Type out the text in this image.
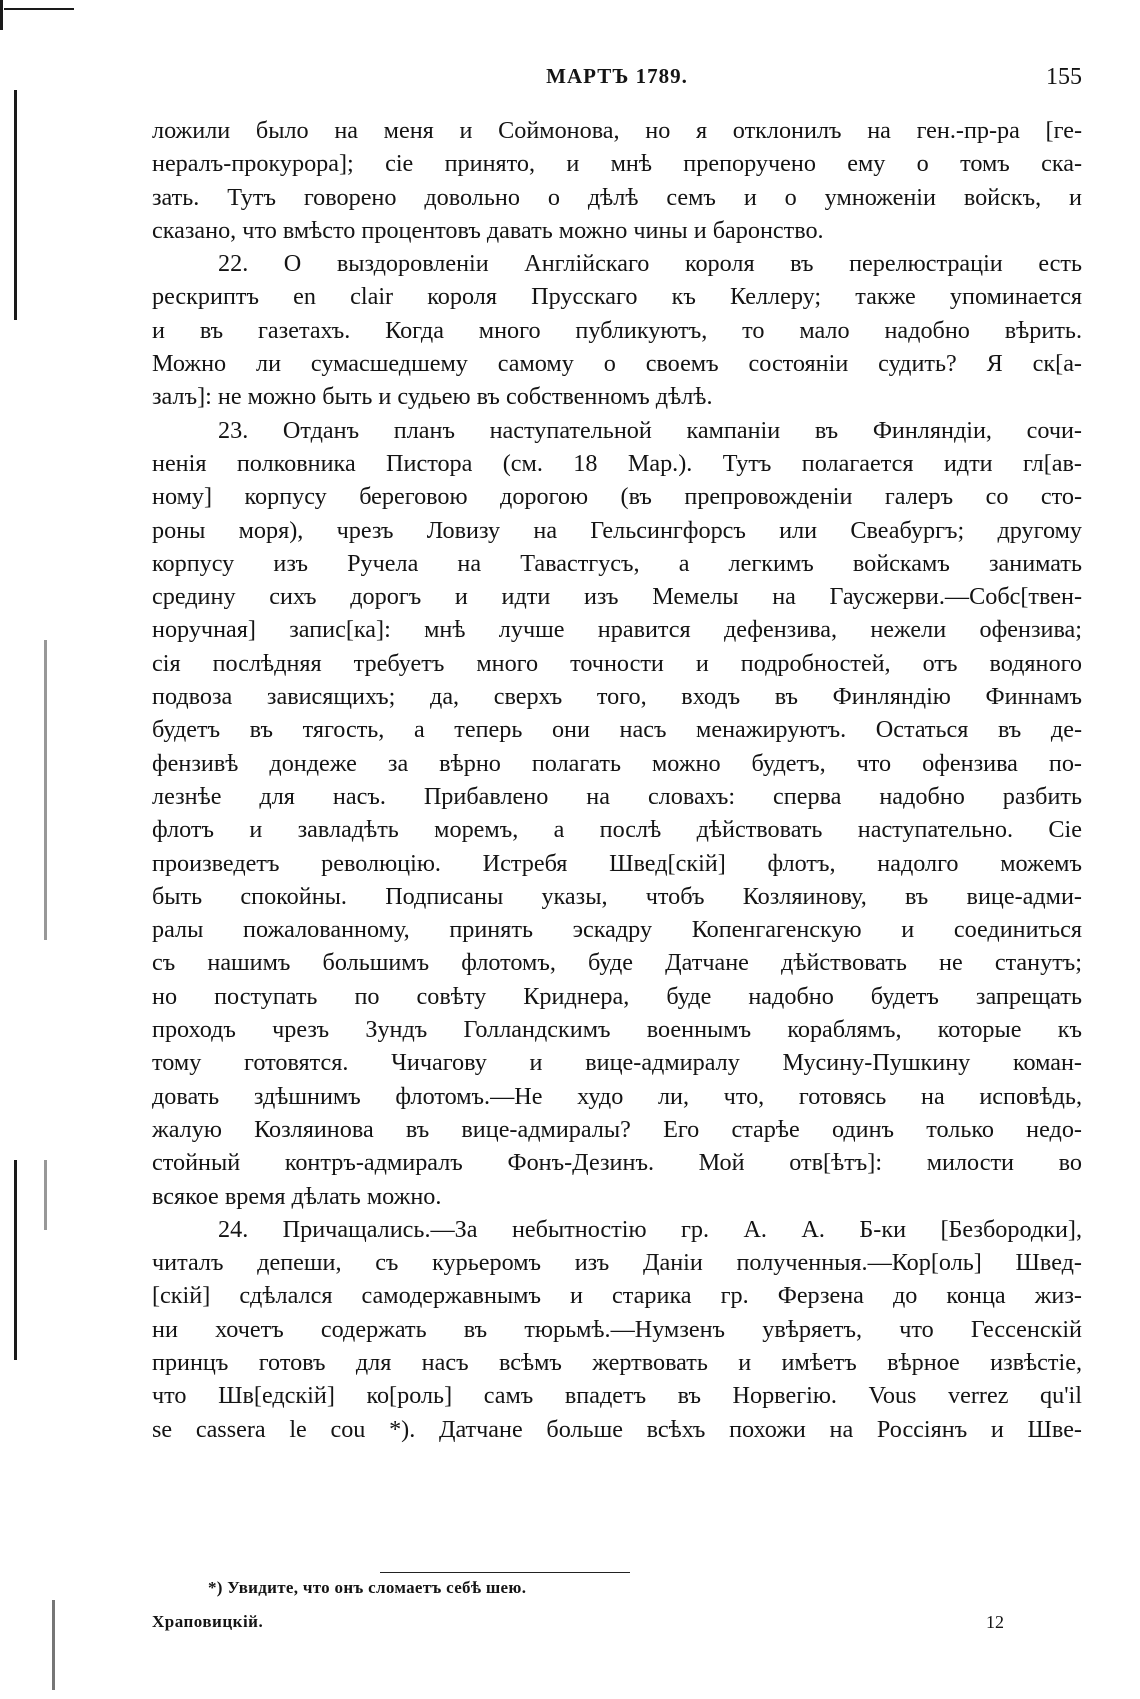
МАРТЪ 1789.	155
ложили было на меня и Соймонова, но я отклонилъ на ген.-пр-ра [ге-
нералъ-прокурора]; сіе принято, и мнѣ препоручено ему о томъ ска-
зать. Тутъ говорено довольно о дѣлѣ семъ и о умноженіи войскъ, и
сказано, что вмѣсто процентовъ давать можно чины и баронство.
22. О выздоровленіи Англійскаго короля въ перелюстраціи есть
рескриптъ en clair короля Прусскаго къ Келлеру; также упоминается
и въ газетахъ. Когда много публикуютъ, то мало надобно вѣрить.
Можно ли сумасшедшему самому о своемъ состояніи судить? Я ск[а-
залъ]: не можно быть и судьею въ собственномъ дѣлѣ.
23. Отданъ планъ наступательной кампаніи въ Финляндіи, сочи-
ненія полковника Пистора (см. 18 Мар.). Тутъ полагается идти гл[ав-
ному] корпусу береговою дорогою (въ препровожденіи галеръ со сто-
роны моря), чрезъ Ловизу на Гельсингфорсъ или Свеабургъ; другому
корпусу изъ Ручела на Тавастгусъ, а легкимъ войскамъ занимать
средину сихъ дорогъ и идти изъ Мемелы на Гаусжерви.—Собс[твен-
норучная] запис[ка]: мнѣ лучше нравится дефензива, нежели офензива;
сія послѣдняя требуетъ много точности и подробностей, отъ водяного
подвоза зависящихъ; да, сверхъ того, входъ въ Финляндію Финнамъ
будетъ въ тягость, а теперь они насъ менажируютъ. Остаться въ де-
фензивѣ дондеже за вѣрно полагать можно будетъ, что офензива по-
лезнѣе для насъ. Прибавлено на словахъ: сперва надобно разбить
флотъ и завладѣть моремъ, а послѣ дѣйствовать наступательно. Сіе
произведетъ революцію. Истребя Швед[скій] флотъ, надолго можемъ
быть спокойны. Подписаны указы, чтобъ Козляинову, въ вице-адми-
ралы пожалованному, принять эскадру Копенгагенскую и соединиться
съ нашимъ большимъ флотомъ, буде Датчане дѣйствовать не станутъ;
но поступать по совѣту Криднера, буде надобно будетъ запрещать
проходъ чрезъ Зундъ Голландскимъ военнымъ кораблямъ, которые къ
тому готовятся. Чичагову и вице-адмиралу Мусину-Пушкину коман-
довать здѣшнимъ флотомъ.—Не худо ли, что, готовясь на исповѣдь,
жалую Козляинова въ вице-адмиралы? Его старѣе одинъ только недо-
стойный контръ-адмиралъ Фонъ-Дезинъ. Мой отв[ѣтъ]: милости во
всякое время дѣлать можно.
24. Причащались.—За небытностію гр. А. А. Б-ки [Безбородки],
читалъ депеши, съ курьеромъ изъ Даніи полученныя.—Кор[оль] Швед-
[скій] сдѣлался самодержавнымъ и старика гр. Ферзена до конца жиз-
ни хочетъ содержать въ тюрьмѣ.—Нумзенъ увѣряетъ, что Гессенскій
принцъ готовъ для насъ всѣмъ жертвовать и имѣетъ вѣрное извѣстіе,
что Шв[едскій] ко[роль] самъ впадетъ въ Норвегію. Vous verrez qu'il
se cassera le cou *). Датчане больше всѣхъ похожи на Россіянъ и Шве-
*) Увидите, что онъ сломаетъ себѣ шею.
Храповицкій.	12
